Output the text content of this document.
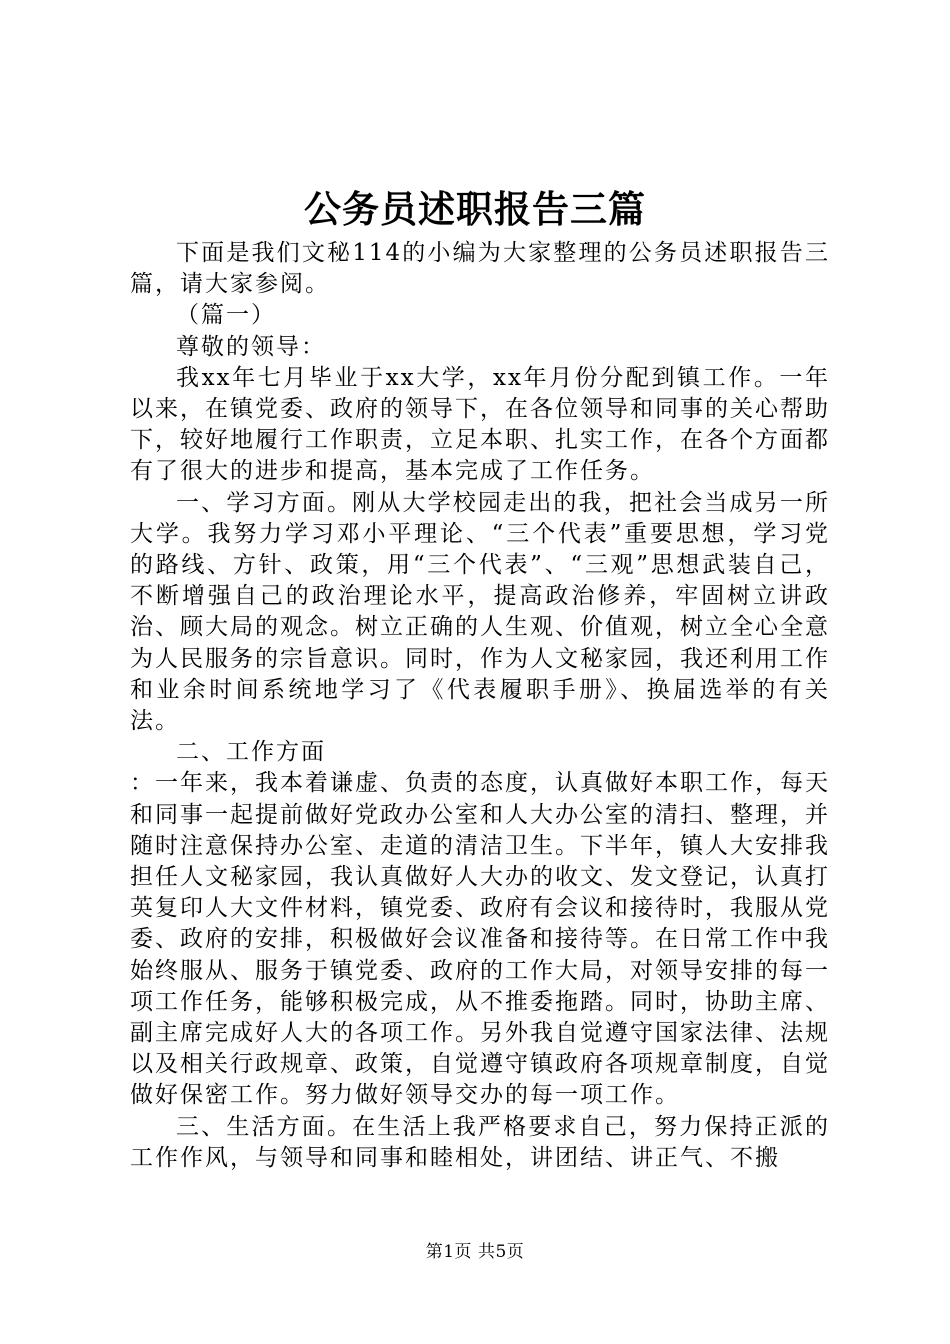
公务员述职报告三篇

下面是我们文秘114的小编为大家整理的公务员述职报告三篇，请大家参阅。

（篇一）

尊敬的领导：

我xx年七月毕业于xx大学，xx年月份分配到镇工作。一年以来，在镇党委、政府的领导下，在各位领导和同事的关心帮助下，较好地履行工作职责，立足本职、扎实工作，在各个方面都有了很大的进步和提高，基本完成了工作任务。

一、学习方面。刚从大学校园走出的我，把社会当成另一所大学。我努力学习邓小平理论、“三个代表”重要思想，学习党的路线、方针、政策，用“三个代表”、“三观”思想武装自己，不断增强自己的政治理论水平，提高政治修养，牢固树立讲政治、顾大局的观念。树立正确的人生观、价值观，树立全心全意为人民服务的宗旨意识。同时，作为人文秘家园，我还利用工作和业余时间系统地学习了《代表履职手册》、换届选举的有关法。

二、工作方面

：一年来，我本着谦虚、负责的态度，认真做好本职工作，每天和同事一起提前做好党政办公室和人大办公室的清扫、整理，并随时注意保持办公室、走道的清洁卫生。下半年，镇人大安排我担任人文秘家园，我认真做好人大办的收文、发文登记，认真打英复印人大文件材料，镇党委、政府有会议和接待时，我服从党委、政府的安排，积极做好会议准备和接待等。在日常工作中我始终服从、服务于镇党委、政府的工作大局，对领导安排的每一项工作任务，能够积极完成，从不推委拖踏。同时，协助主席、副主席完成好人大的各项工作。另外我自觉遵守国家法律、法规以及相关行政规章、政策，自觉遵守镇政府各项规章制度，自觉做好保密工作。努力做好领导交办的每一项工作。

三、生活方面。在生活上我严格要求自己，努力保持正派的工作作风，与领导和同事和睦相处，讲团结、讲正气、不搬

第1页 共5页
